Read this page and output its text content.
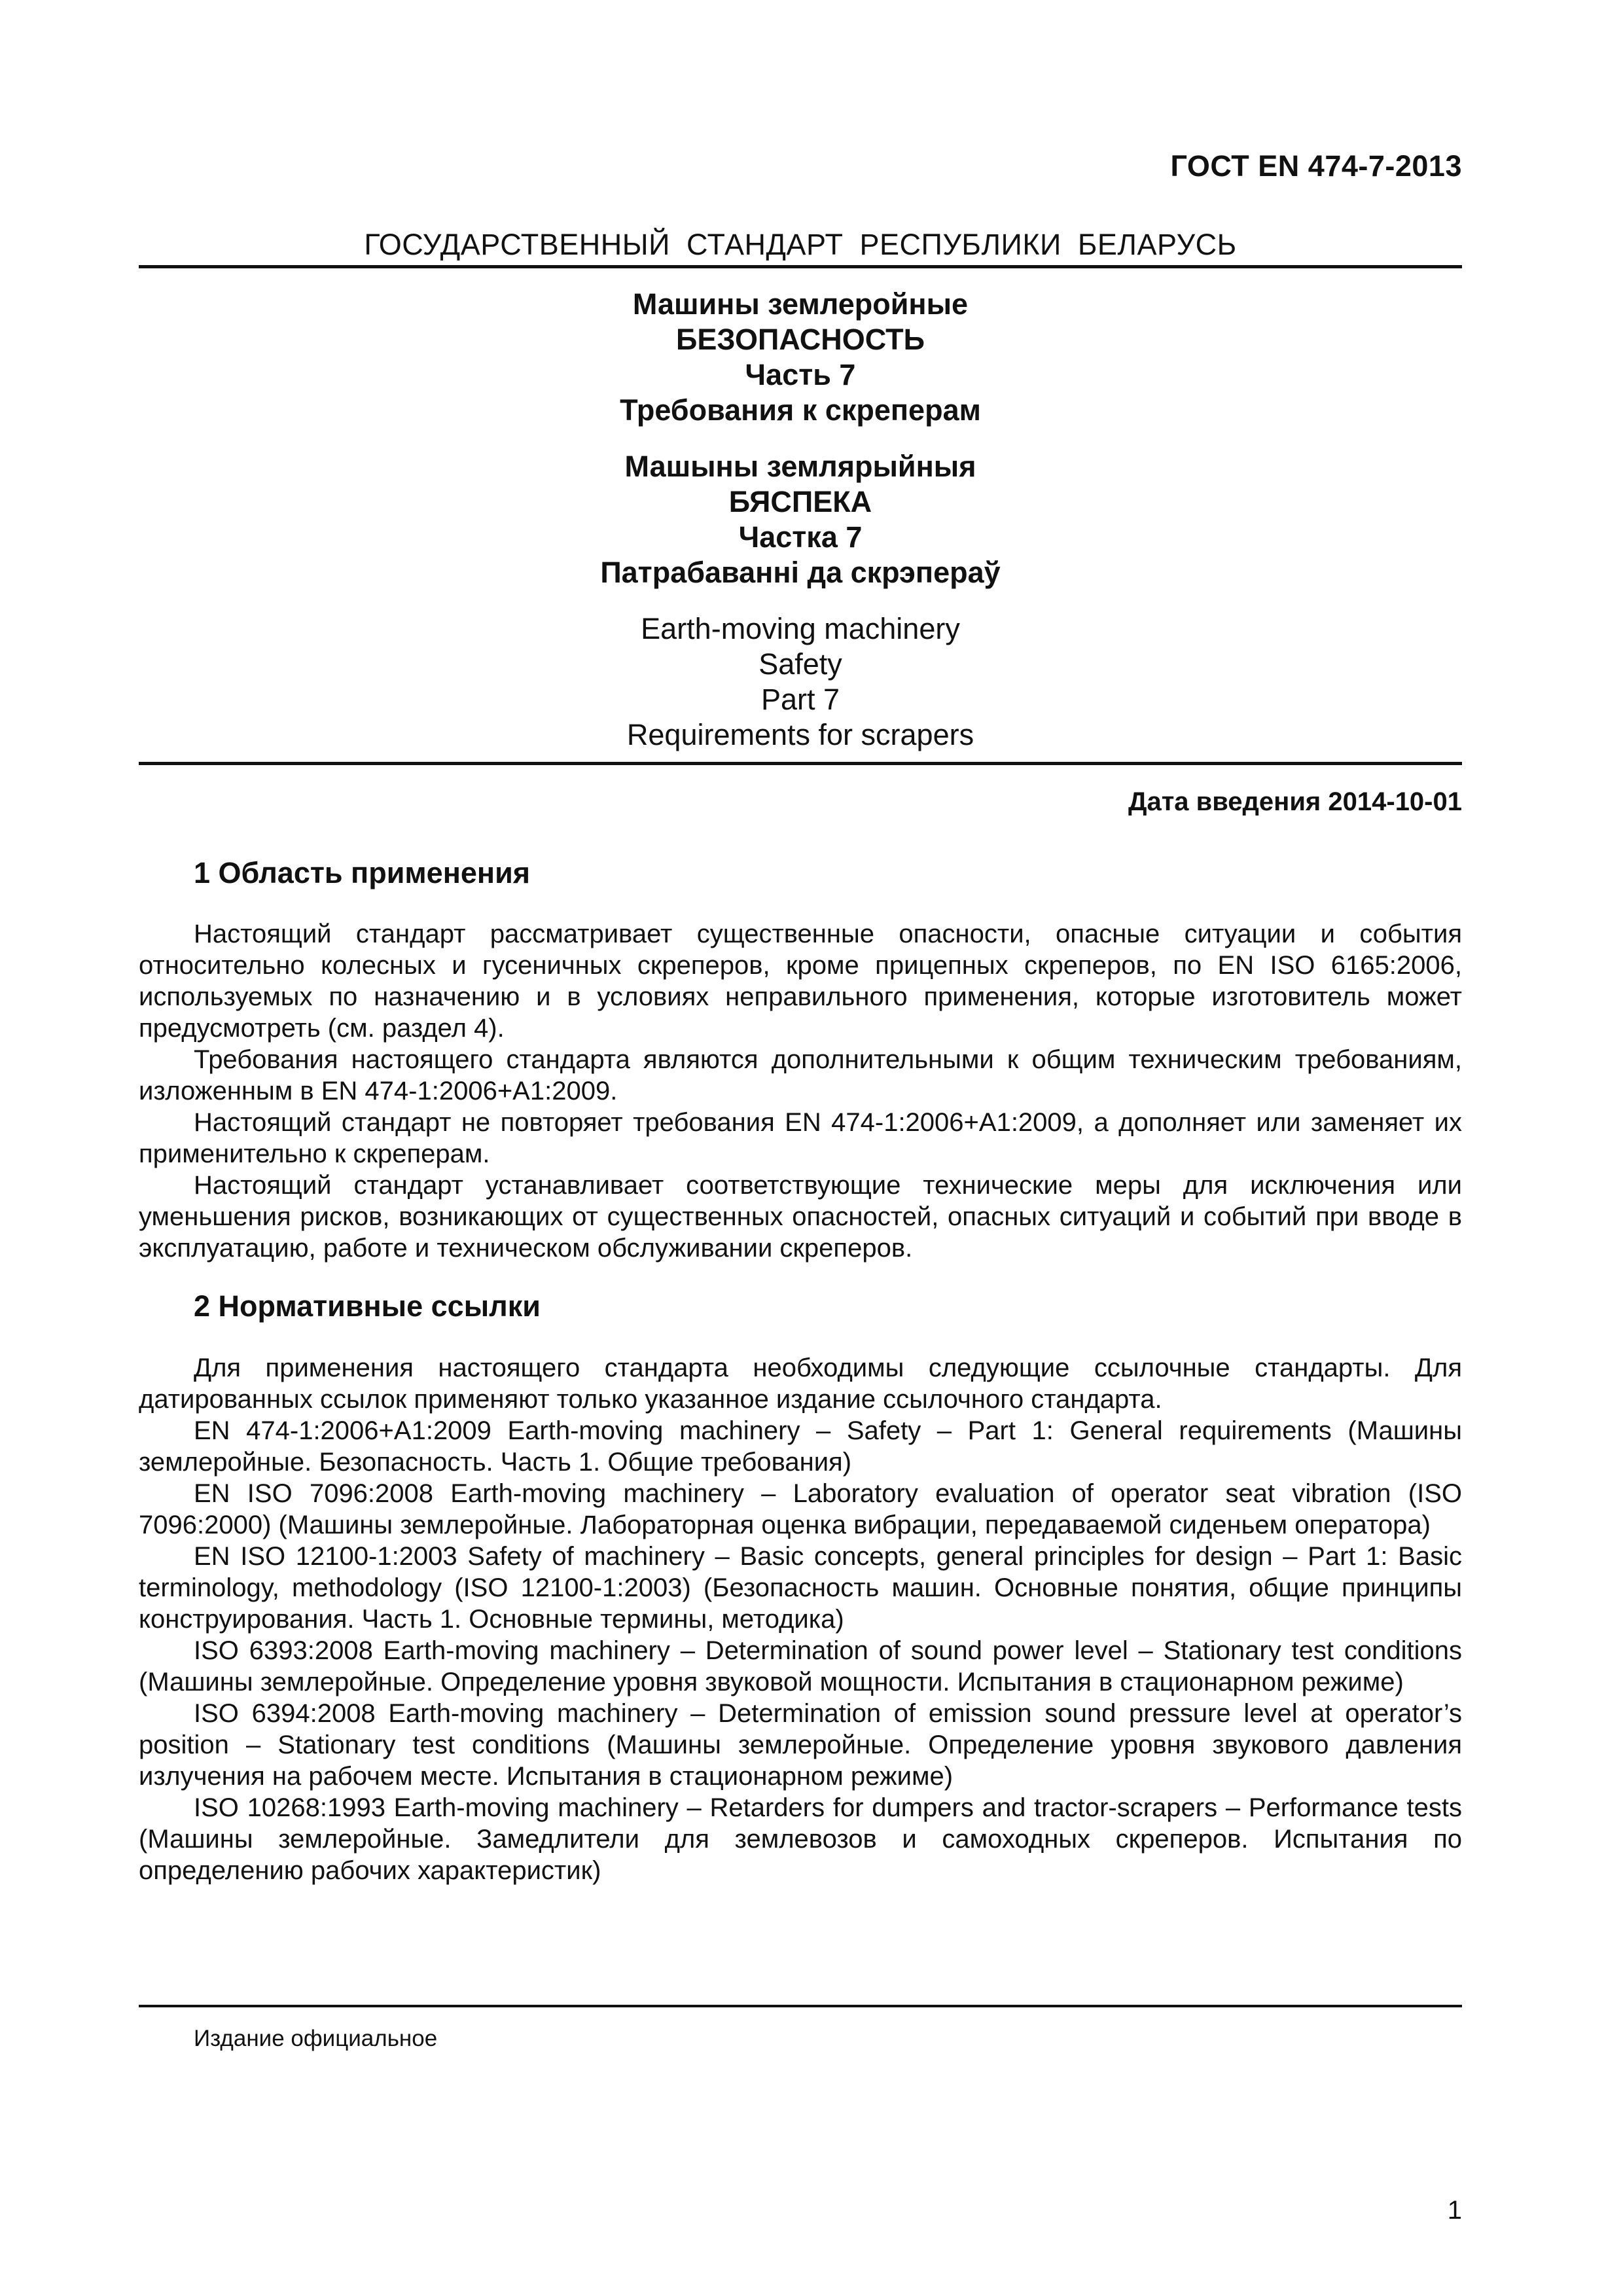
ГОСТ EN 474-7-2013
ГОСУДАРСТВЕННЫЙ СТАНДАРТ РЕСПУБЛИКИ БЕЛАРУСЬ
Машины землеройные
БЕЗОПАСНОСТЬ
Часть 7
Требования к скреперам
Машыны землярыйныя
БЯСПЕКА
Частка 7
Патрабаванні да скрэпераў
Earth-moving machinery
Safety
Part 7
Requirements for scrapers
Дата введения 2014-10-01
1 Область применения

Настоящий стандарт рассматривает существенные опасности, опасные ситуации и события относительно колесных и гусеничных скреперов, кроме прицепных скреперов, по EN ISO 6165:2006, используемых по назначению и в условиях неправильного применения, которые изготовитель может предусмотреть (см. раздел 4).

Требования настоящего стандарта являются дополнительными к общим техническим требованиям, изложенным в EN 474-1:2006+A1:2009.

Настоящий стандарт не повторяет требования EN 474-1:2006+A1:2009, а дополняет или заменяет их применительно к скреперам.

Настоящий стандарт устанавливает соответствующие технические меры для исключения или уменьшения рисков, возникающих от существенных опасностей, опасных ситуаций и событий при вводе в эксплуатацию, работе и техническом обслуживании скреперов.

2 Нормативные ссылки

Для применения настоящего стандарта необходимы следующие ссылочные стандарты. Для датированных ссылок применяют только указанное издание ссылочного стандарта.

EN 474-1:2006+A1:2009 Earth-moving machinery – Safety – Part 1: General requirements (Машины землеройные. Безопасность. Часть 1. Общие требования)

EN ISO 7096:2008 Earth-moving machinery – Laboratory evaluation of operator seat vibration (ISO 7096:2000) (Машины землеройные. Лабораторная оценка вибрации, передаваемой сиденьем оператора)

EN ISO 12100-1:2003 Safety of machinery – Basic concepts, general principles for design – Part 1: Basic terminology, methodology (ISO 12100-1:2003) (Безопасность машин. Основные понятия, общие принципы конструирования. Часть 1. Основные термины, методика)

ISO 6393:2008 Earth-moving machinery – Determination of sound power level – Stationary test conditions (Машины землеройные. Определение уровня звуковой мощности. Испытания в стационарном режиме)

ISO 6394:2008 Earth-moving machinery – Determination of emission sound pressure level at operator’s position – Stationary test conditions (Машины землеройные. Определение уровня звукового давления излучения на рабочем месте. Испытания в стационарном режиме)

ISO 10268:1993 Earth-moving machinery – Retarders for dumpers and tractor-scrapers – Performance tests (Машины землеройные. Замедлители для землевозов и самоходных скреперов. Испытания по определению рабочих характеристик)

Издание официальное
1
